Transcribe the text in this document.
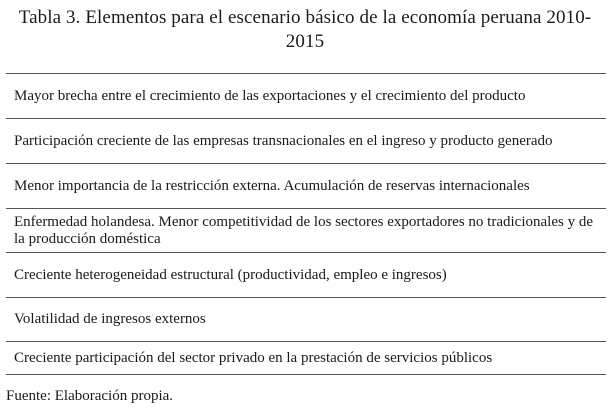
Tabla 3. Elementos para el escenario básico de la economía peruana 2010-
2015
Mayor brecha entre el crecimiento de las exportaciones y el crecimiento del producto
Participación creciente de las empresas transnacionales en el ingreso y producto generado
Menor importancia de la restricción externa. Acumulación de reservas internacionales
Enfermedad holandesa. Menor competitividad de los sectores exportadores no tradicionales y de la producción doméstica
Creciente heterogeneidad estructural (productividad, empleo e ingresos)
Volatilidad de ingresos externos
Creciente participación del sector privado en la prestación de servicios públicos
Fuente: Elaboración propia.
